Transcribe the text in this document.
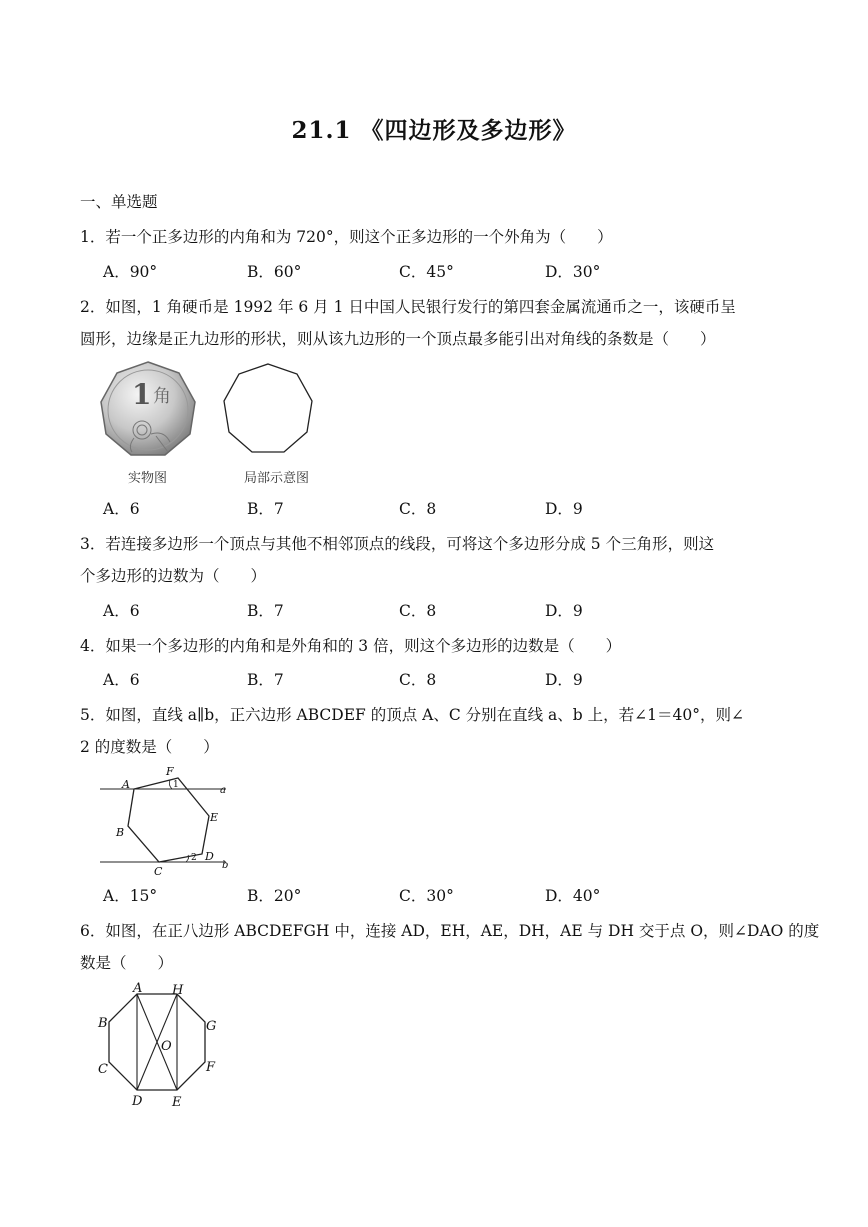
21.1 《四边形及多边形》
一、单选题
1．若一个正多边形的内角和为 720°，则这个正多边形的一个外角为（　　）
A．90°	B．60°	C．45°	D．30°
2．如图，1 角硬币是 1992 年 6 月 1 日中国人民银行发行的第四套金属流通币之一，该硬币呈
圆形，边缘是正九边形的形状，则从该九边形的一个顶点最多能引出对角线的条数是（　　）
1 角
实物图	局部示意图
A．6	B．7	C．8	D．9
3．若连接多边形一个顶点与其他不相邻顶点的线段，可将这个多边形分成 5 个三角形，则这
个多边形的边数为（　　）
A．6	B．7	C．8	D．9
4．如果一个多边形的内角和是外角和的 3 倍，则这个多边形的边数是（　　）
A．6	B．7	C．8	D．9
5．如图，直线 a∥b，正六边形 ABCDEF 的顶点 A、C 分别在直线 a、b 上，若∠1＝40°，则∠
2 的度数是（　　）
A
B
C
D
E
F
a
b
1
2
A．15°	B．20°	C．30°	D．40°
6．如图，在正八边形 ABCDEFGH 中，连接 AD，EH，AE，DH，AE 与 DH 交于点 O，则∠DAO 的度
数是（　　）
A
B
C
D E
F
G
H
O
